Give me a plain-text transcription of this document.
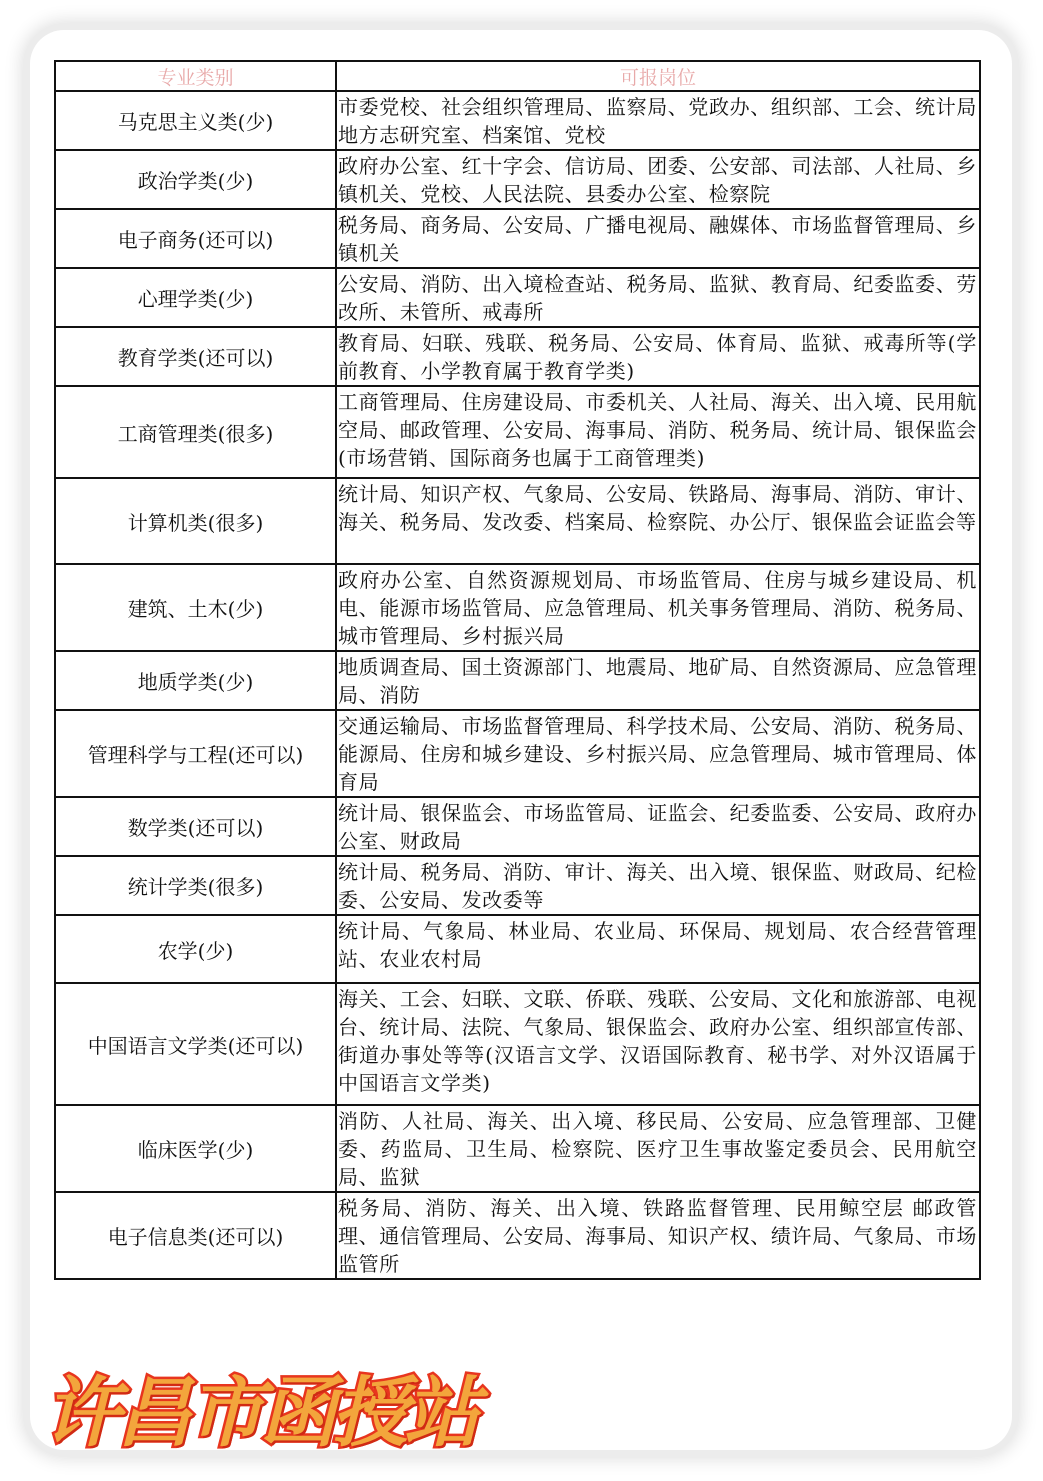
专业类别	可报岗位
马克思主义类(少)	市委党校、社会组织管理局、监察局、党政办、组织部、工会、统计局地方志研究室、档案馆、党校
政治学类(少)	政府办公室、红十字会、信访局、团委、公安部、司法部、人社局、乡镇机关、党校、人民法院、县委办公室、检察院
电子商务(还可以)	税务局、商务局、公安局、广播电视局、融媒体、市场监督管理局、乡镇机关
心理学类(少)	公安局、消防、出入境检查站、税务局、监狱、教育局、纪委监委、劳改所、未管所、戒毒所
教育学类(还可以)	教育局、妇联、残联、税务局、公安局、体育局、监狱、戒毒所等(学前教育、小学教育属于教育学类)
工商管理类(很多)	工商管理局、住房建设局、市委机关、人社局、海关、出入境、民用航空局、邮政管理、公安局、海事局、消防、税务局、统计局、银保监会(市场营销、国际商务也属于工商管理类)
计算机类(很多)	统计局、知识产权、气象局、公安局、铁路局、海事局、消防、审计、海关、税务局、发改委、档案局、检察院、办公厅、银保监会证监会等
建筑、土木(少)	政府办公室、自然资源规划局、市场监管局、住房与城乡建设局、机电、能源市场监管局、应急管理局、机关事务管理局、消防、税务局、城市管理局、乡村振兴局
地质学类(少)	地质调查局、国土资源部门、地震局、地矿局、自然资源局、应急管理局、消防
管理科学与工程(还可以)	交通运输局、市场监督管理局、科学技术局、公安局、消防、税务局、能源局、住房和城乡建设、乡村振兴局、应急管理局、城市管理局、体育局
数学类(还可以)	统计局、银保监会、市场监管局、证监会、纪委监委、公安局、政府办公室、财政局
统计学类(很多)	统计局、税务局、消防、审计、海关、出入境、银保监、财政局、纪检委、公安局、发改委等
农学(少)	统计局、气象局、林业局、农业局、环保局、规划局、农合经营管理站、农业农村局
中国语言文学类(还可以)	海关、工会、妇联、文联、侨联、残联、公安局、文化和旅游部、电视台、统计局、法院、气象局、银保监会、政府办公室、组织部宣传部、街道办事处等等(汉语言文学、汉语国际教育、秘书学、对外汉语属于中国语言文学类)
临床医学(少)	消防、人社局、海关、出入境、移民局、公安局、应急管理部、卫健委、药监局、卫生局、检察院、医疗卫生事故鉴定委员会、民用航空局、监狱
电子信息类(还可以)	税务局、消防、海关、出入境、铁路监督管理、民用鲸空层 邮政管理、通信管理局、公安局、海事局、知识产权、绩许局、气象局、市场监管所
许昌市函授站
